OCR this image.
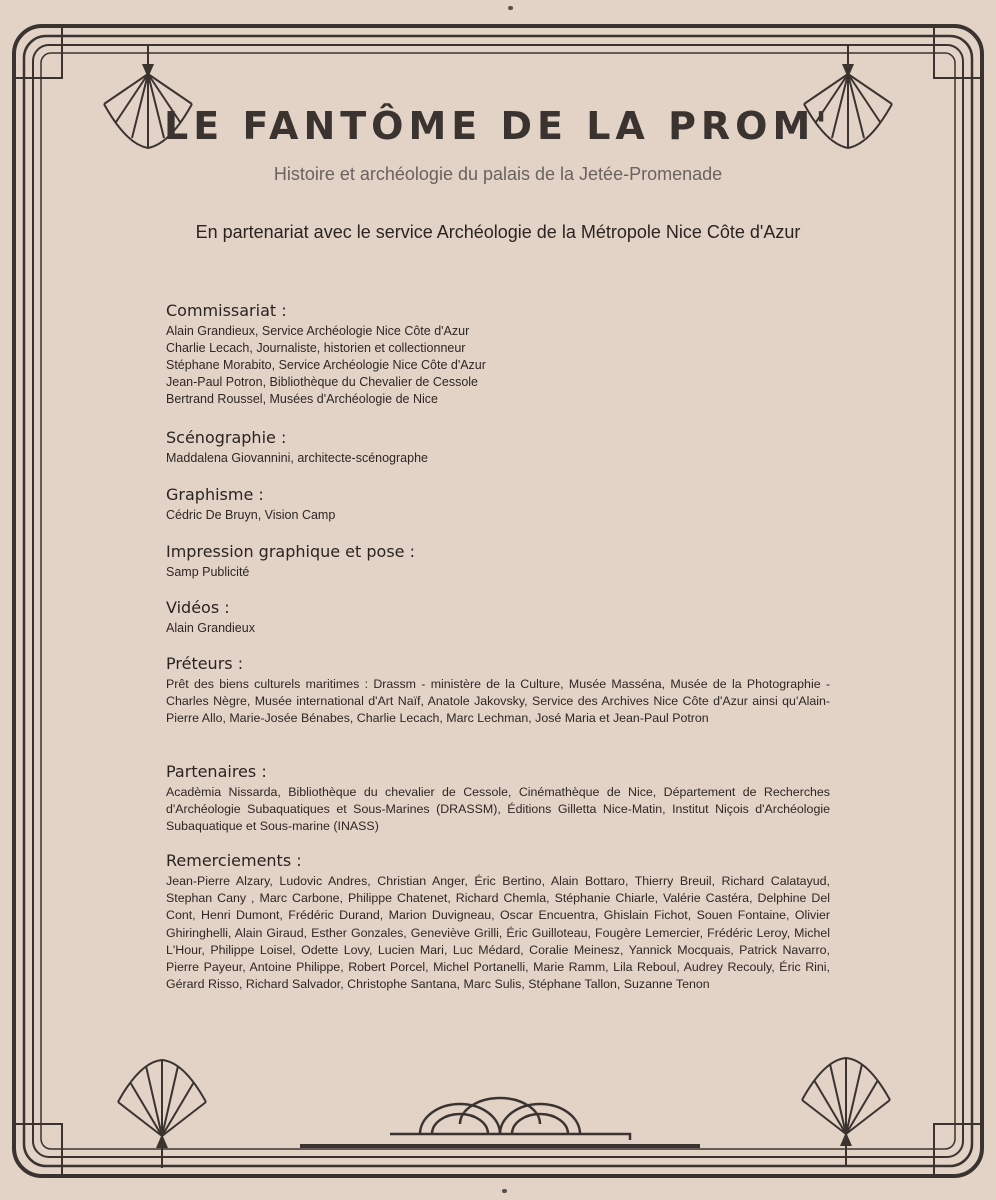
LE FANTÔME DE LA PROM'
Histoire et archéologie du palais de la Jetée-Promenade
En partenariat avec le service Archéologie de la Métropole Nice Côte d'Azur
Commissariat :

Alain Grandieux, Service Archéologie Nice Côte d'Azur

Charlie Lecach, Journaliste, historien et collectionneur

Stéphane Morabito, Service Archéologie Nice Côte d'Azur

Jean-Paul Potron, Bibliothèque du Chevalier de Cessole

Bertrand Roussel, Musées d'Archéologie de Nice

Scénographie :

Maddalena Giovannini, architecte-scénographe

Graphisme :

Cédric De Bruyn, Vision Camp

Impression graphique et pose :

Samp Publicité

Vidéos :

Alain Grandieux

Préteurs :

Prêt des biens culturels maritimes : Drassm - ministère de la Culture, Musée Masséna, Musée de la Photographie - Charles Nègre, Musée international d'Art Naïf, Anatole Jakovsky, Service des Archives Nice Côte d'Azur ainsi qu'Alain-Pierre Allo, Marie-Josée Bénabes, Charlie Lecach, Marc Lechman, José Maria et Jean-Paul Potron

Partenaires :

Acadèmia Nissarda, Bibliothèque du chevalier de Cessole, Cinémathèque de Nice, Département de Recherches d'Archéologie Subaquatiques et Sous-Marines (DRASSM), Éditions Gilletta Nice-Matin, Institut Niçois d'Archéologie Subaquatique et Sous-marine (INASS)

Remerciements :

Jean-Pierre Alzary, Ludovic Andres, Christian Anger, Éric Bertino, Alain Bottaro, Thierry Breuil, Richard Calatayud, Stephan Cany , Marc Carbone, Philippe Chatenet, Richard Chemla, Stéphanie Chiarle, Valérie Castéra, Delphine Del Cont, Henri Dumont, Frédéric Durand, Marion Duvigneau, Oscar Encuentra, Ghislain Fichot, Souen Fontaine, Olivier Ghiringhelli, Alain Giraud, Esther Gonzales, Geneviève Grilli, Éric Guilloteau, Fougère Lemercier, Frédéric Leroy, Michel L'Hour, Philippe Loisel, Odette Lovy, Lucien Mari, Luc Médard, Coralie Meinesz, Yannick Mocquais, Patrick Navarro, Pierre Payeur, Antoine Philippe, Robert Porcel, Michel Portanelli, Marie Ramm, Lila Reboul, Audrey Recouly, Éric Rini, Gérard Risso, Richard Salvador, Christophe Santana, Marc Sulis, Stéphane Tallon, Suzanne Tenon
